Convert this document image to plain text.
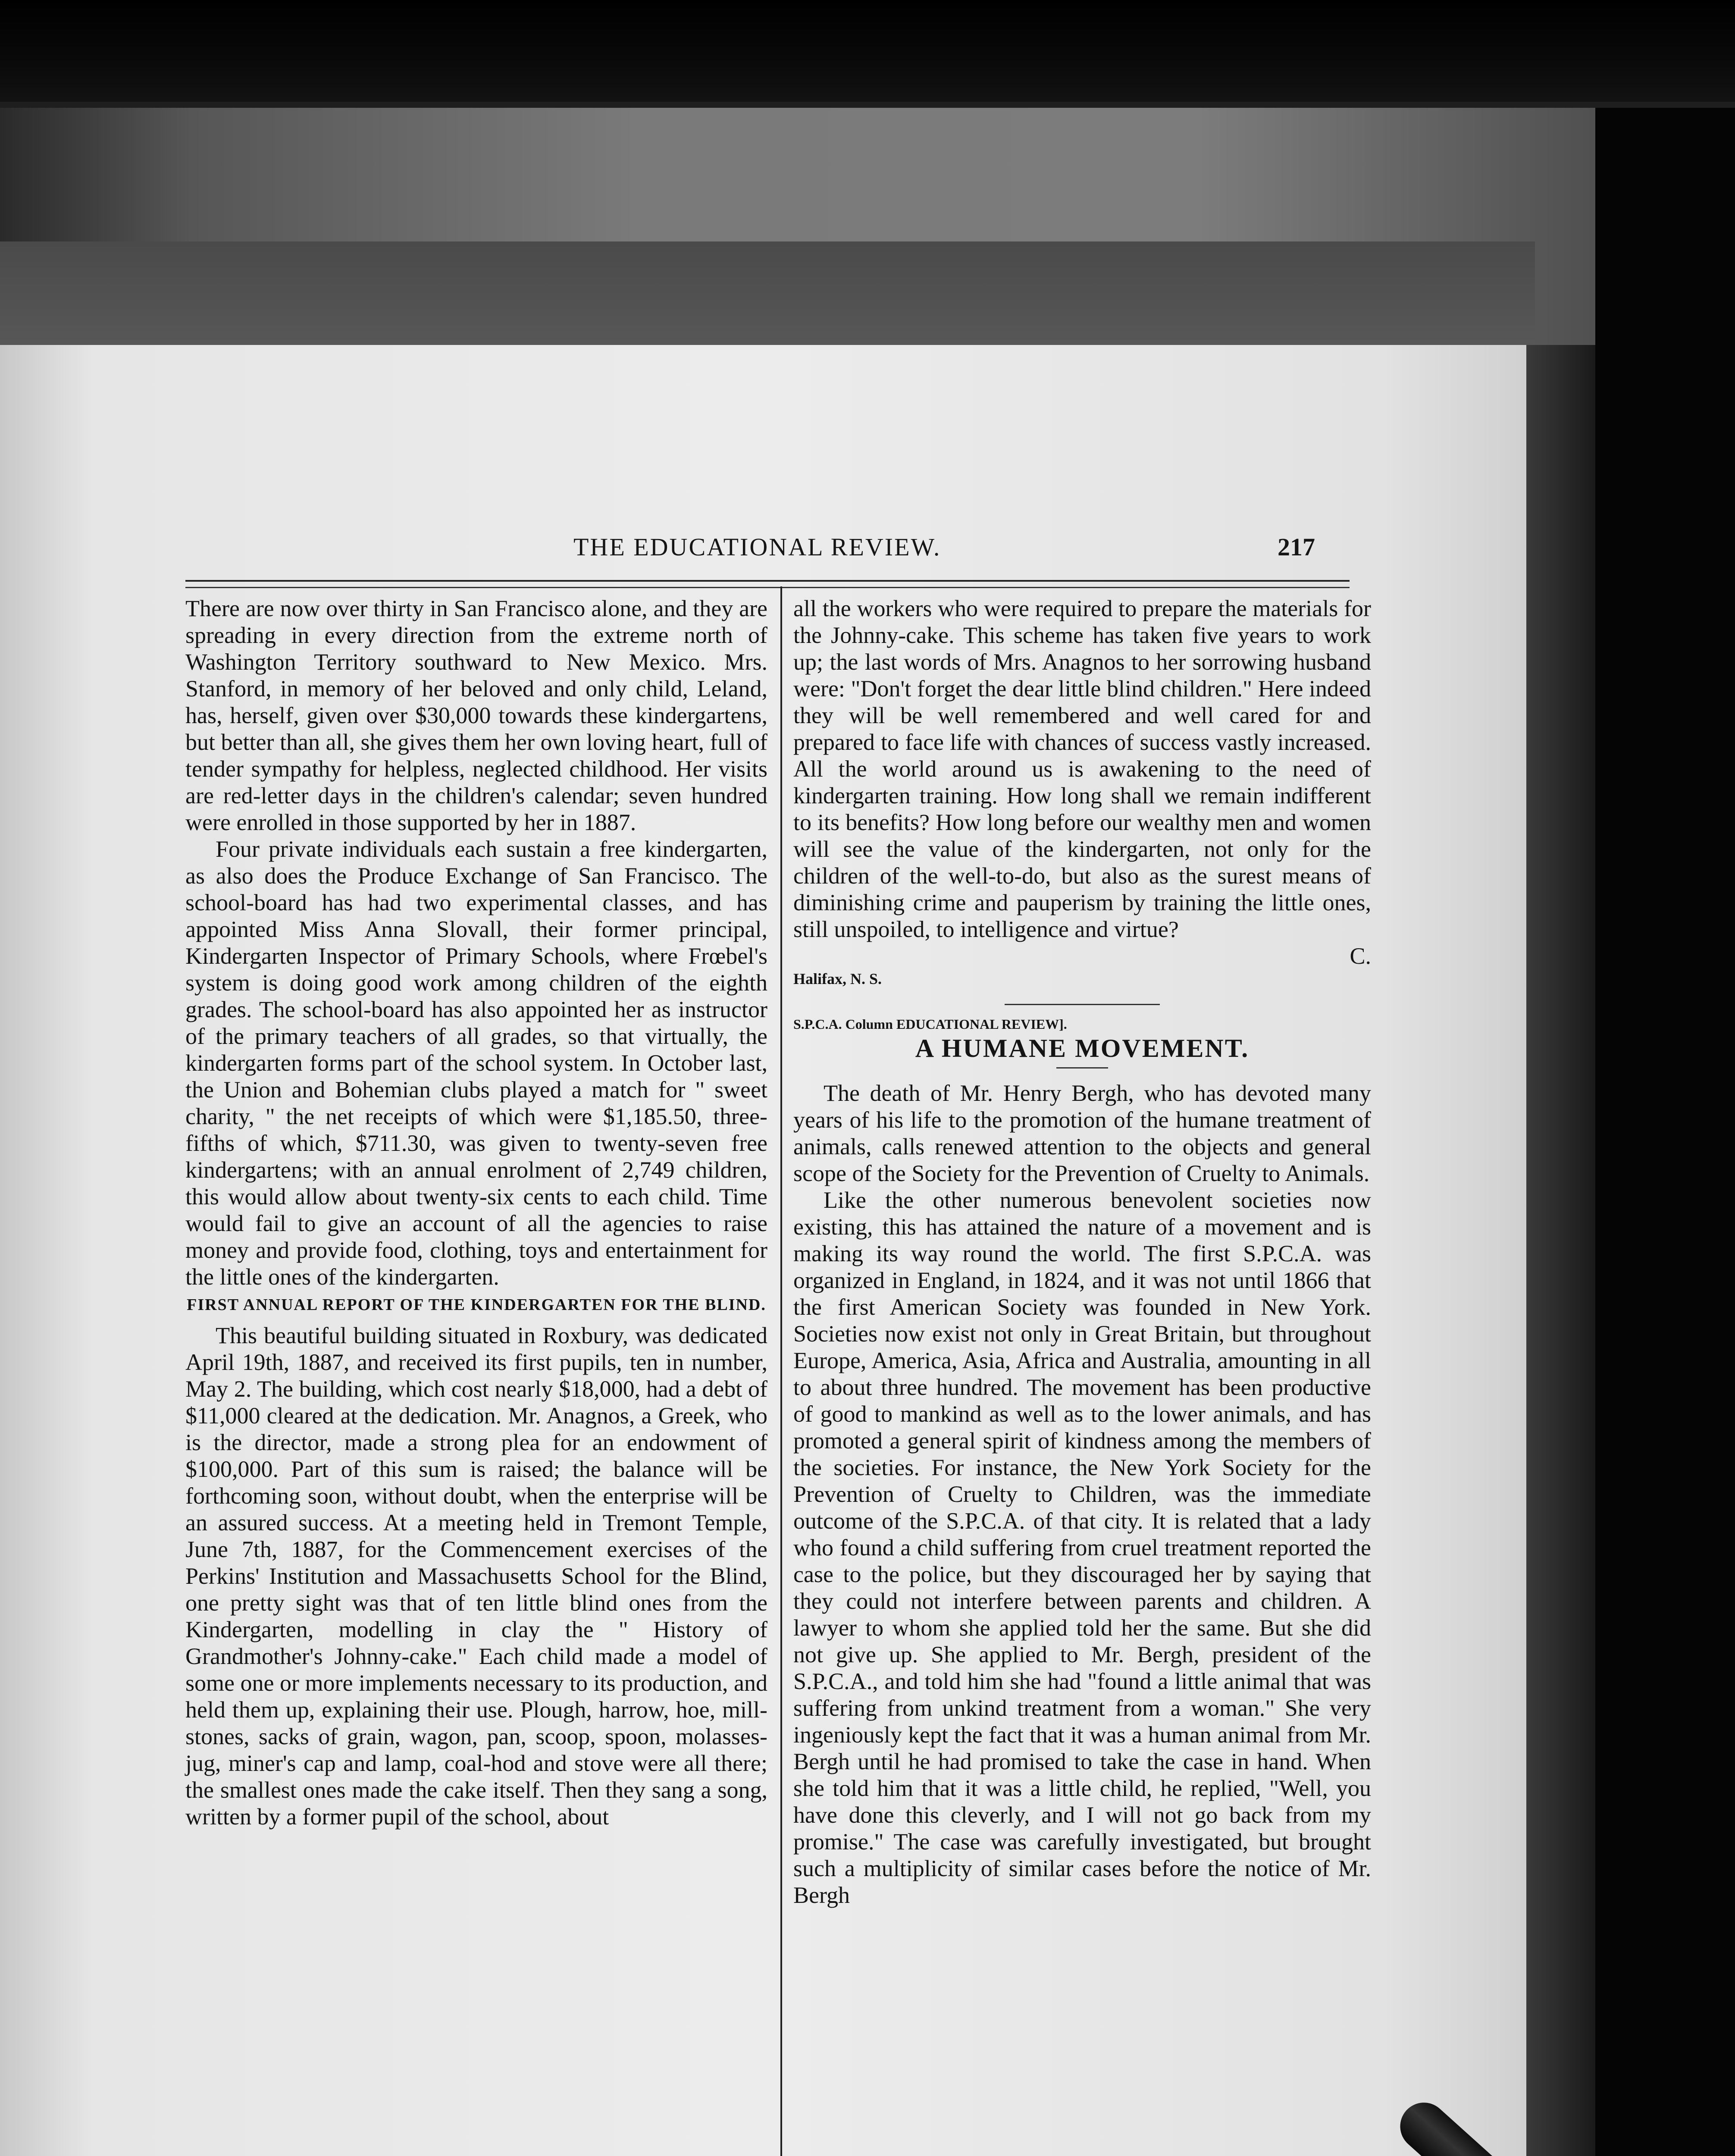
THE EDUCATIONAL REVIEW.	217

There are now over thirty in San Francisco alone, and they are spreading in every direction from the extreme north of Washington Territory southward to New Mexico. Mrs. Stanford, in memory of her beloved and only child, Leland, has, herself, given over $30,000 towards these kindergartens, but better than all, she gives them her own loving heart, full of tender sympathy for helpless, neglected childhood. Her visits are red-letter days in the children's calendar; seven hundred were enrolled in those supported by her in 1887.

Four private individuals each sustain a free kindergarten, as also does the Produce Exchange of San Francisco. The school-board has had two experimental classes, and has appointed Miss Anna Slovall, their former principal, Kindergarten Inspector of Primary Schools, where Frœbel's system is doing good work among children of the eighth grades. The school-board has also appointed her as instructor of the primary teachers of all grades, so that virtually, the kindergarten forms part of the school system. In October last, the Union and Bohemian clubs played a match for " sweet charity, " the net receipts of which were $1,185.50, three-fifths of which, $711.30, was given to twenty-seven free kindergartens; with an annual enrolment of 2,749 children, this would allow about twenty-six cents to each child. Time would fail to give an account of all the agencies to raise money and provide food, clothing, toys and entertainment for the little ones of the kindergarten.

FIRST ANNUAL REPORT OF THE KINDERGARTEN FOR THE BLIND.

This beautiful building situated in Roxbury, was dedicated April 19th, 1887, and received its first pupils, ten in number, May 2. The building, which cost nearly $18,000, had a debt of $11,000 cleared at the dedication. Mr. Anagnos, a Greek, who is the director, made a strong plea for an endowment of $100,000. Part of this sum is raised; the balance will be forthcoming soon, without doubt, when the enterprise will be an assured success. At a meeting held in Tremont Temple, June 7th, 1887, for the Commencement exercises of the Perkins' Institution and Massachusetts School for the Blind, one pretty sight was that of ten little blind ones from the Kindergarten, modelling in clay the " History of Grandmother's Johnny-cake." Each child made a model of some one or more implements necessary to its production, and held them up, explaining their use. Plough, harrow, hoe, mill-stones, sacks of grain, wagon, pan, scoop, spoon, molasses-jug, miner's cap and lamp, coal-hod and stove were all there; the smallest ones made the cake itself. Then they sang a song, written by a former pupil of the school, about

all the workers who were required to prepare the materials for the Johnny-cake. This scheme has taken five years to work up; the last words of Mrs. Anagnos to her sorrowing husband were: "Don't forget the dear little blind children." Here indeed they will be well remembered and well cared for and prepared to face life with chances of success vastly increased. All the world around us is awakening to the need of kindergarten training. How long shall we remain indifferent to its benefits? How long before our wealthy men and women will see the value of the kindergarten, not only for the children of the well-to-do, but also as the surest means of diminishing crime and pauperism by training the little ones, still unspoiled, to intelligence and virtue?

C.

Halifax, N. S.

S.P.C.A. Column EDUCATIONAL REVIEW].

A HUMANE MOVEMENT.

The death of Mr. Henry Bergh, who has devoted many years of his life to the promotion of the humane treatment of animals, calls renewed attention to the objects and general scope of the Society for the Prevention of Cruelty to Animals.

Like the other numerous benevolent societies now existing, this has attained the nature of a movement and is making its way round the world. The first S.P.C.A. was organized in England, in 1824, and it was not until 1866 that the first American Society was founded in New York. Societies now exist not only in Great Britain, but throughout Europe, America, Asia, Africa and Australia, amounting in all to about three hundred. The movement has been productive of good to mankind as well as to the lower animals, and has promoted a general spirit of kindness among the members of the societies. For instance, the New York Society for the Prevention of Cruelty to Children, was the immediate outcome of the S.P.C.A. of that city. It is related that a lady who found a child suffering from cruel treatment reported the case to the police, but they discouraged her by saying that they could not interfere between parents and children. A lawyer to whom she applied told her the same. But she did not give up. She applied to Mr. Bergh, president of the S.P.C.A., and told him she had "found a little animal that was suffering from unkind treatment from a woman." She very ingeniously kept the fact that it was a human animal from Mr. Bergh until he had promised to take the case in hand. When she told him that it was a little child, he replied, "Well, you have done this cleverly, and I will not go back from my promise." The case was carefully investigated, but brought such a multiplicity of similar cases before the notice of Mr. Bergh
